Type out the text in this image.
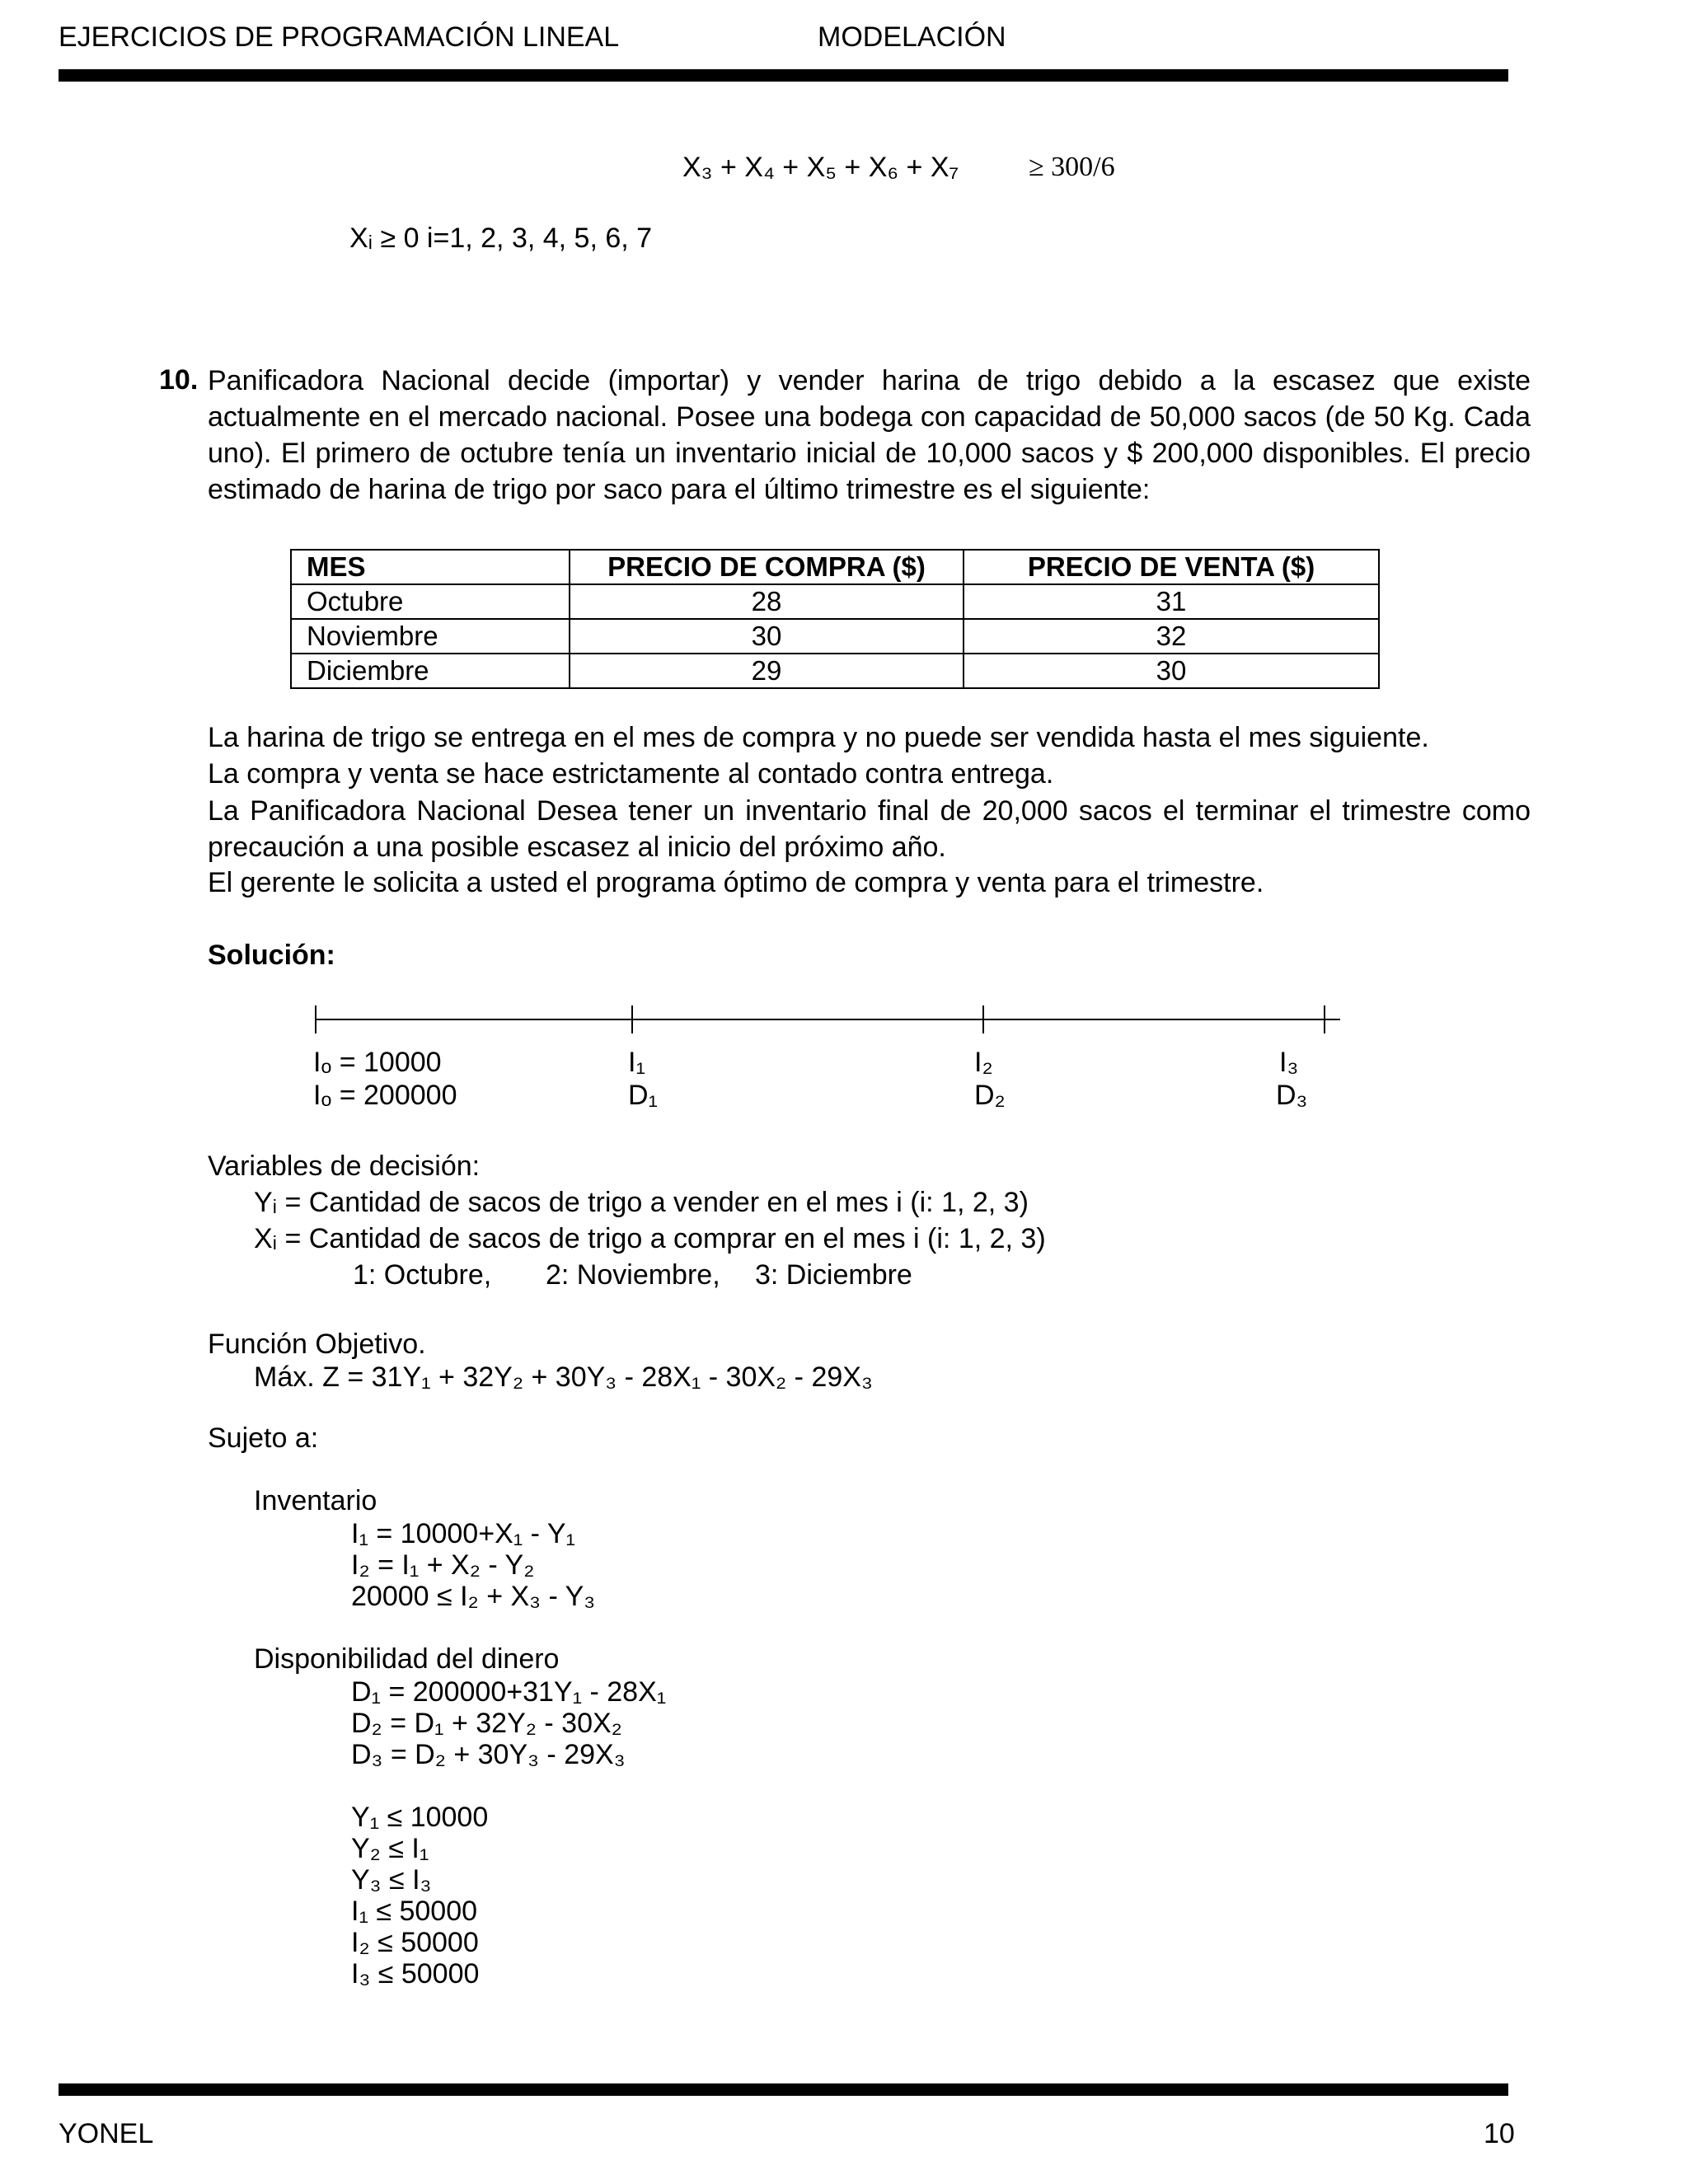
EJERCICIOS DE PROGRAMACIÓN LINEAL	MODELACIÓN
X₃ + X₄ + X₅ + X₆ + X₇ ≥ 300/6
Xᵢ ≥ 0 i=1, 2, 3, 4, 5, 6, 7
10. Panificadora Nacional decide (importar) y vender harina de trigo debido a la escasez que existe
actualmente en el mercado nacional. Posee una bodega con capacidad de 50,000 sacos (de 50 Kg. Cada
uno). El primero de octubre tenía un inventario inicial de 10,000 sacos y $ 200,000 disponibles. El precio
estimado de harina de trigo por saco para el último trimestre es el siguiente:
MES	PRECIO DE COMPRA ($)	PRECIO DE VENTA ($)
Octubre	28	31
Noviembre	30	32
Diciembre	29	30
La harina de trigo se entrega en el mes de compra y no puede ser vendida hasta el mes siguiente.
La compra y venta se hace estrictamente al contado contra entrega.
La Panificadora Nacional Desea tener un inventario final de 20,000 sacos el terminar el trimestre como
precaución a una posible escasez al inicio del próximo año.
El gerente le solicita a usted el programa óptimo de compra y venta para el trimestre.
Solución:
Iₒ = 10000	I₁	I₂	I₃
Iₒ = 200000	D₁	D₂	D₃
Variables de decisión:
Yᵢ = Cantidad de sacos de trigo a vender en el mes i (i: 1, 2, 3)
Xᵢ = Cantidad de sacos de trigo a comprar en el mes i (i: 1, 2, 3)
1: Octubre, 2: Noviembre, 3: Diciembre
Función Objetivo.
Máx. Z = 31Y₁ + 32Y₂ + 30Y₃ - 28X₁ - 30X₂ - 29X₃
Sujeto a:
Inventario
I₁ = 10000+X₁ - Y₁
I₂ = I₁ + X₂ - Y₂
20000 ≤ I₂ + X₃ - Y₃
Disponibilidad del dinero
D₁ = 200000+31Y₁ - 28X₁
D₂ = D₁ + 32Y₂ - 30X₂
D₃ = D₂ + 30Y₃ - 29X₃
Y₁ ≤ 10000
Y₂ ≤ I₁
Y₃ ≤ I₃
I₁ ≤ 50000
I₂ ≤ 50000
I₃ ≤ 50000
YONEL	10
